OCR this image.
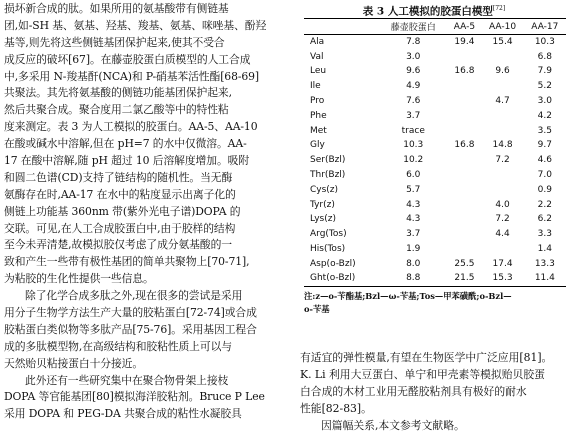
损坏新合成的肽。如果所用的氨基酸带有侧链基
团,如-SH 基、氨基、羟基、羧基、氨基、咪唑基、酚羟
基等,则先将这些侧链基团保护起来,使其不受合
成反应的破坏[67]。在藤壶胶蛋白质模型的人工合成
中,多采用 N-羧基酐(NCA)和 P-硝基苯活性酯[68-69]
共聚法。其先将氨基酸的侧链功能基团保护起来,
然后共聚合成。聚合度用二氯乙酸等中的特性粘
度来测定。表 3 为人工模拟的胶蛋白。AA-5、AA-10
在酸或碱水中溶解,但在 pH=7 的水中仅微溶。AA-
17 在酸中溶解,随 pH 超过 10 后溶解度增加。吸附
和圆二色谱(CD)支持了链结构的随机性。当无酶
氨酶存在时,AA-17 在水中的粘度显示出离子化的
侧链上功能基 360nm 带(紫外光电子谱)DOPA 的
交联。可见,在人工合成胶蛋白中,由于胶样的结构
至今未弄清楚,故模拟胶仅考虑了成分氨基酸的一
致和产生一些带有极性基团的简单共聚物上[70-71],
为粘胶的生化性提供一些信息。
除了化学合成多肽之外,现在很多的尝试是采用
用分子生物学方法生产大量的胶粘蛋白[72-74]或合成
胶粘蛋白类似物等多肽产品[75-76]。采用基因工程合
成的多肽模型物,在高级结构和胶粘性质上可以与
天然贻贝粘接蛋白十分接近。
此外还有一些研究集中在聚合物骨架上接枝
DOPA 等官能基团[80]模拟海洋胶粘剂。Bruce P Lee
采用 DOPA 和 PEG-DA 共聚合成的粘性水凝胶具
表 3 人工模拟的胶蛋白模型[72]
	藤壶胶蛋白	AA-5	AA-10	AA-17
Ala	7.8	19.4	15.4	10.3
Val	3.0			6.8
Leu	9.6	16.8	9.6	7.9
Ile	4.9			5.2
Pro	7.6		4.7	3.0
Phe	3.7			4.2
Met	trace			3.5
Gly	10.3	16.8	14.8	9.7
Ser(Bzl)	10.2		7.2	4.6
Thr(Bzl)	6.0			7.0
Cys(z)	5.7			0.9
Tyr(z)	4.3		4.0	2.2
Lys(z)	4.3		7.2	6.2
Arg(Tos)	3.7		4.4	3.3
His(Tos)	1.9			1.4
Asp(o-Bzl)	8.0	25.5	17.4	13.3
Ght(o-Bzl)	8.8	21.5	15.3	11.4
注:z—o-苄酯基;Bzl—ω-苄基;Tos—甲苯磺酰;o-Bzl—
o-苄基
有适宜的弹性模量,有望在生物医学中广泛应用[81]。
K. Li 利用大豆蛋白、单宁和甲壳素等模拟贻贝胶蛋
白合成的木材工业用无醛胶粘剂具有极好的耐水
性能[82-83]。
因篇幅关系,本文参考文献略。
